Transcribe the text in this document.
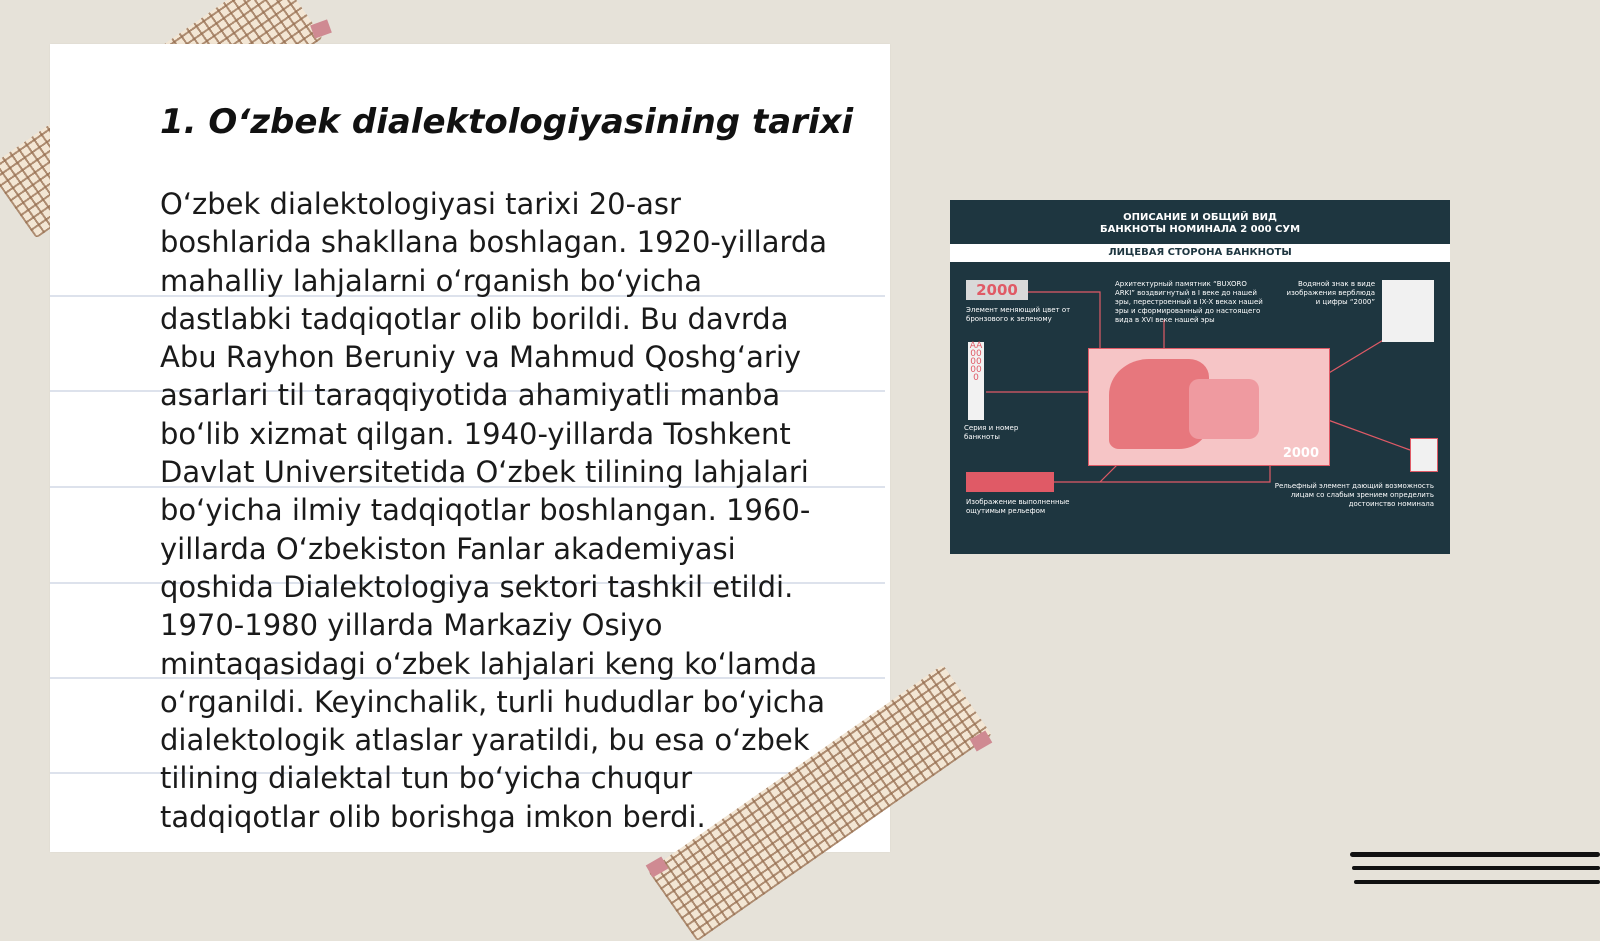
1. O‘zbek dialektologiyasining tarixi

O‘zbek dialektologiyasi tarixi 20-asr boshlarida shakllana boshlagan. 1920-yillarda mahalliy lahjalarni o‘rganish bo‘yicha dastlabki tadqiqotlar olib borildi. Bu davrda Abu Rayhon Beruniy va Mahmud Qoshg‘ariy asarlari til taraqqiyotida ahamiyatli manba bo‘lib xizmat qilgan. 1940-yillarda Toshkent Davlat Universitetida O‘zbek tilining lahjalari bo‘yicha ilmiy tadqiqotlar boshlangan. 1960-yillarda O‘zbekiston Fanlar akademiyasi qoshida Dialektologiya sektori tashkil etildi. 1970-1980 yillarda Markaziy Osiyo mintaqasidagi o‘zbek lahjalari keng ko‘lamda o‘rganildi. Keyinchalik, turli hududlar bo‘yicha dialektologik atlaslar yaratildi, bu esa o‘zbek tilining dialektal tun bo‘yicha chuqur tadqiqotlar olib borishga imkon berdi.

ОПИСАНИЕ И ОБЩИЙ ВИД
БАНКНОТЫ НОМИНАЛА 2 000 СУМ
ЛИЦЕВАЯ СТОРОНА БАНКНОТЫ
2000
Элемент меняющий цвет от бронзового к зеленому
Архитектурный памятник “BUXORO ARKI” воздвигнутый в I веке до нашей эры, перестроенный в IX-X веках нашей эры и сформированный до настоящего вида в XVI веке нашей эры
Водяной знак в виде изображения верблюда и цифры “2000”
AA0000000
Серия и номер банкноты
2000
Изображение выполненные ощутимым рельефом
Рельефный элемент дающий возможность лицам со слабым зрением определить достоинство номинала
